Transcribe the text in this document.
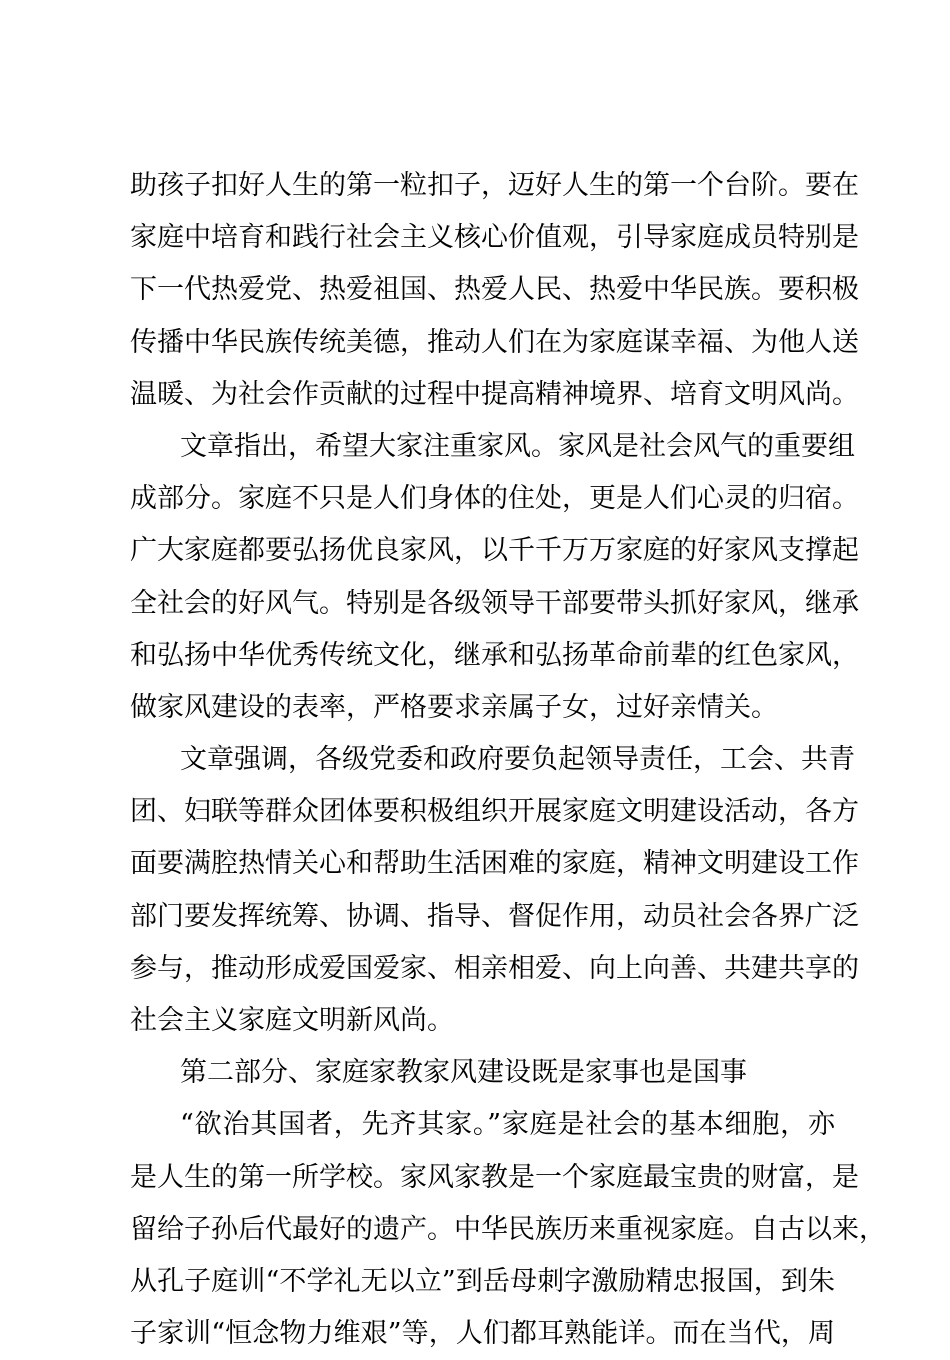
助孩子扣好人生的第一粒扣子，迈好人生的第一个台阶。要在
家庭中培育和践行社会主义核心价值观，引导家庭成员特别是
下一代热爱党、热爱祖国、热爱人民、热爱中华民族。要积极
传播中华民族传统美德，推动人们在为家庭谋幸福、为他人送
温暖、为社会作贡献的过程中提高精神境界、培育文明风尚。
文章指出，希望大家注重家风。家风是社会风气的重要组
成部分。家庭不只是人们身体的住处，更是人们心灵的归宿。
广大家庭都要弘扬优良家风，以千千万万家庭的好家风支撑起
全社会的好风气。特别是各级领导干部要带头抓好家风，继承
和弘扬中华优秀传统文化，继承和弘扬革命前辈的红色家风，
做家风建设的表率，严格要求亲属子女，过好亲情关。
文章强调，各级党委和政府要负起领导责任，工会、共青
团、妇联等群众团体要积极组织开展家庭文明建设活动，各方
面要满腔热情关心和帮助生活困难的家庭，精神文明建设工作
部门要发挥统筹、协调、指导、督促作用，动员社会各界广泛
参与，推动形成爱国爱家、相亲相爱、向上向善、共建共享的
社会主义家庭文明新风尚。
第二部分、家庭家教家风建设既是家事也是国事
“欲治其国者，先齐其家。”家庭是社会的基本细胞，亦
是人生的第一所学校。家风家教是一个家庭最宝贵的财富，是
留给子孙后代最好的遗产。中华民族历来重视家庭。自古以来，
从孔子庭训“不学礼无以立”到岳母刺字激励精忠报国，到朱
子家训“恒念物力维艰”等，人们都耳熟能详。而在当代，周
